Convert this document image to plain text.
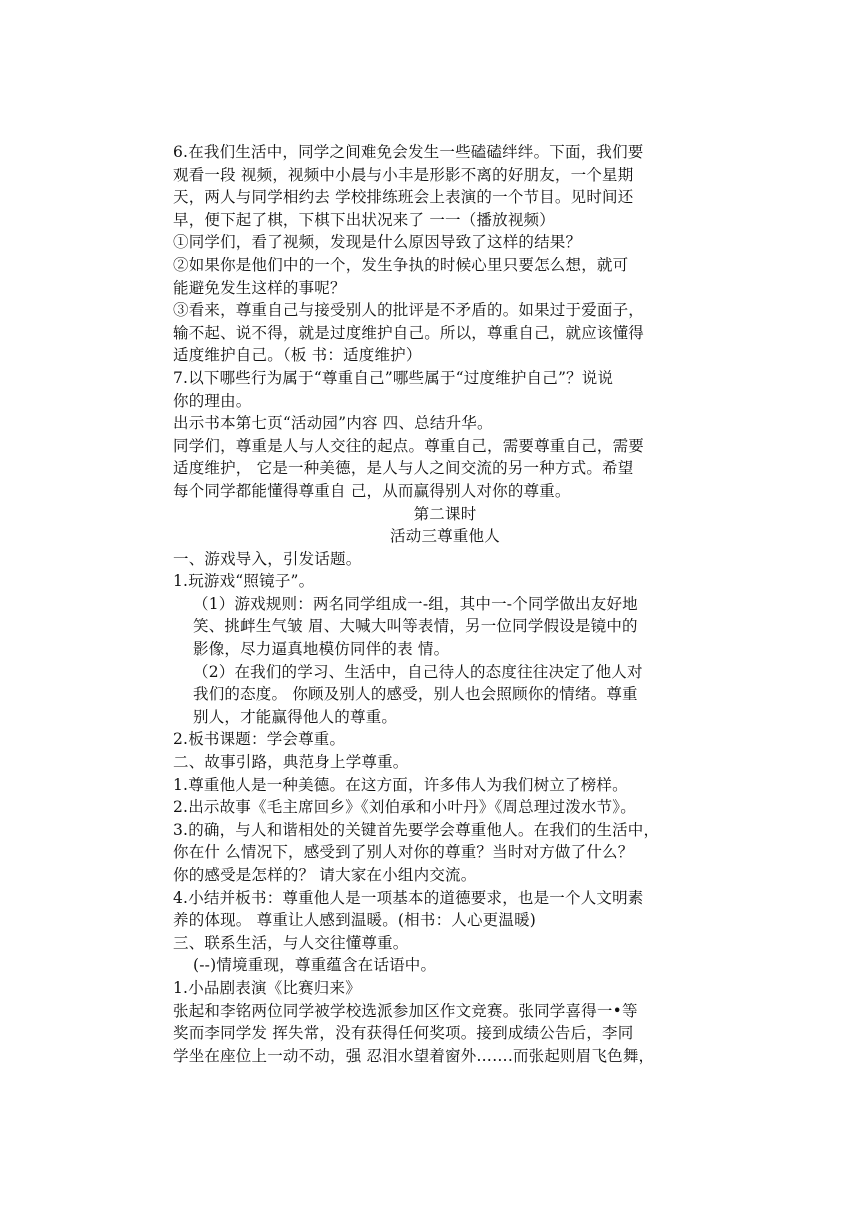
6.在我们生活中，同学之间难免会发生一些磕磕绊绊。下面，我们要
观看一段 视频，视频中小晨与小丰是形影不离的好朋友，一个星期
天，两人与同学相约去 学校排练班会上表演的一个节目。见时间还
早，便下起了棋，下棋下出状况来了 一一（播放视频）
①同学们，看了视频，发现是什么原因导致了这样的结果？
②如果你是他们中的一个，发生争执的时候心里只要怎么想，就可
能避免发生这样的事呢？
③看来，尊重自己与接受别人的批评是不矛盾的。如果过于爱面子，
输不起、说不得，就是过度维护自己。所以，尊重自己，就应该懂得
适度维护自己。（板 书：适度维护）
7.以下哪些行为属于“尊重自己”哪些属于“过度维护自己”？说说
你的理由。
出示书本第七页“活动园”内容 四、总结升华。
同学们，尊重是人与人交往的起点。尊重自己，需要尊重自己，需要
适度维护， 它是一种美德，是人与人之间交流的另一种方式。希望
每个同学都能懂得尊重自 己，从而赢得别人对你的尊重。
第二课时
活动三尊重他人
一、游戏导入，引发话题。
1.玩游戏“照镜子”。
（1）游戏规则：两名同学组成一-组，其中一-个同学做出友好地
笑、挑衅生气皱 眉、大喊大叫等表情，另一位同学假设是镜中的
影像，尽力逼真地模仿同伴的表 情。
（2）在我们的学习、生活中，自己待人的态度往往决定了他人对
我们的态度。 你顾及别人的感受，别人也会照顾你的情绪。尊重
别人，才能赢得他人的尊重。
2.板书课题：学会尊重。
二、故事引路，典范身上学尊重。
1.尊重他人是一种美德。在这方面，许多伟人为我们树立了榜样。
2.出示故事《毛主席回乡》《刘伯承和小叶丹》《周总理过泼水节》。
3.的确，与人和谐相处的关键首先要学会尊重他人。在我们的生活中，
你在什 么情况下，感受到了别人对你的尊重？当时对方做了什么？
你的感受是怎样的？ 请大家在小组内交流。
4.小结并板书：尊重他人是一项基本的道德要求，也是一个人文明素
养的体现。 尊重让人感到温暖。(相书：人心更温暖)
三、联系生活，与人交往懂尊重。
(--)情境重现，尊重蕴含在话语中。
1.小品剧表演《比赛归来》
张起和李铭两位同学被学校选派参加区作文竞赛。张同学喜得一•等
奖而李同学发 挥失常，没有获得任何奖项。接到成绩公告后，李同
学坐在座位上一动不动，强 忍泪水望着窗外…….而张起则眉飞色舞，
